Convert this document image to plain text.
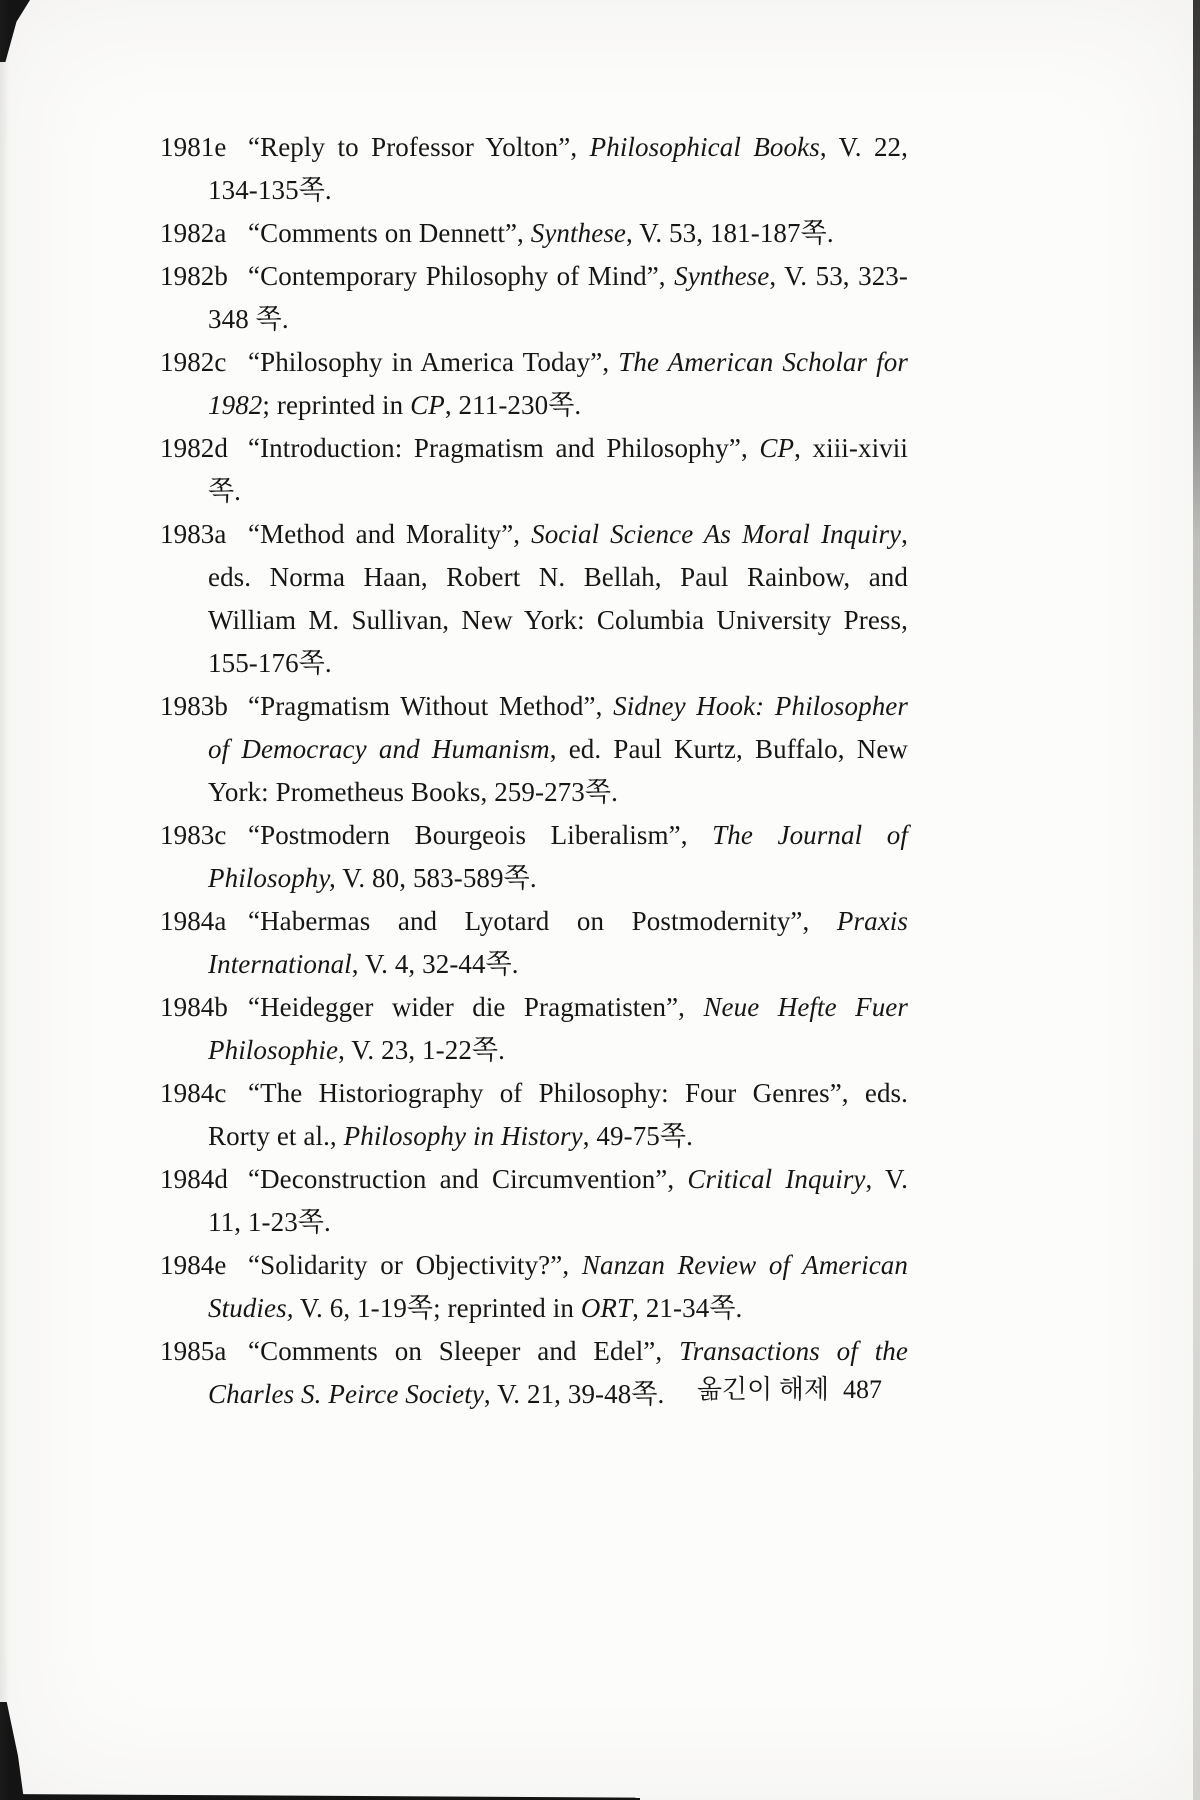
1981e “Reply to Professor Yolton”, Philosophical Books, V. 22, 134-135쪽.

1982a “Comments on Dennett”, Synthese, V. 53, 181-187쪽.

1982b “Contemporary Philosophy of Mind”, Synthese, V. 53, 323-348 쪽.

1982c “Philosophy in America Today”, The American Scholar for 1982; reprinted in CP, 211-230쪽.

1982d “Introduction: Pragmatism and Philosophy”, CP, xiii-xivii쪽.

1983a “Method and Morality”, Social Science As Moral Inquiry, eds. Norma Haan, Robert N. Bellah, Paul Rainbow, and William M. Sullivan, New York: Columbia University Press, 155-176쪽.

1983b “Pragmatism Without Method”, Sidney Hook: Philosopher of Democracy and Humanism, ed. Paul Kurtz, Buffalo, New York: Prometheus Books, 259-273쪽.

1983c “Postmodern Bourgeois Liberalism”, The Journal of Philosophy, V. 80, 583-589쪽.

1984a “Habermas and Lyotard on Postmodernity”, Praxis International, V. 4, 32-44쪽.

1984b “Heidegger wider die Pragmatisten”, Neue Hefte Fuer Philosophie, V. 23, 1-22쪽.

1984c “The Historiography of Philosophy: Four Genres”, eds. Rorty et al., Philosophy in History, 49-75쪽.

1984d “Deconstruction and Circumvention”, Critical Inquiry, V. 11, 1-23쪽.

1984e “Solidarity or Objectivity?”, Nanzan Review of American Studies, V. 6, 1-19쪽; reprinted in ORT, 21-34쪽.

1985a “Comments on Sleeper and Edel”, Transactions of the Charles S. Peirce Society, V. 21, 39-48쪽.	옮긴이 해제 487
